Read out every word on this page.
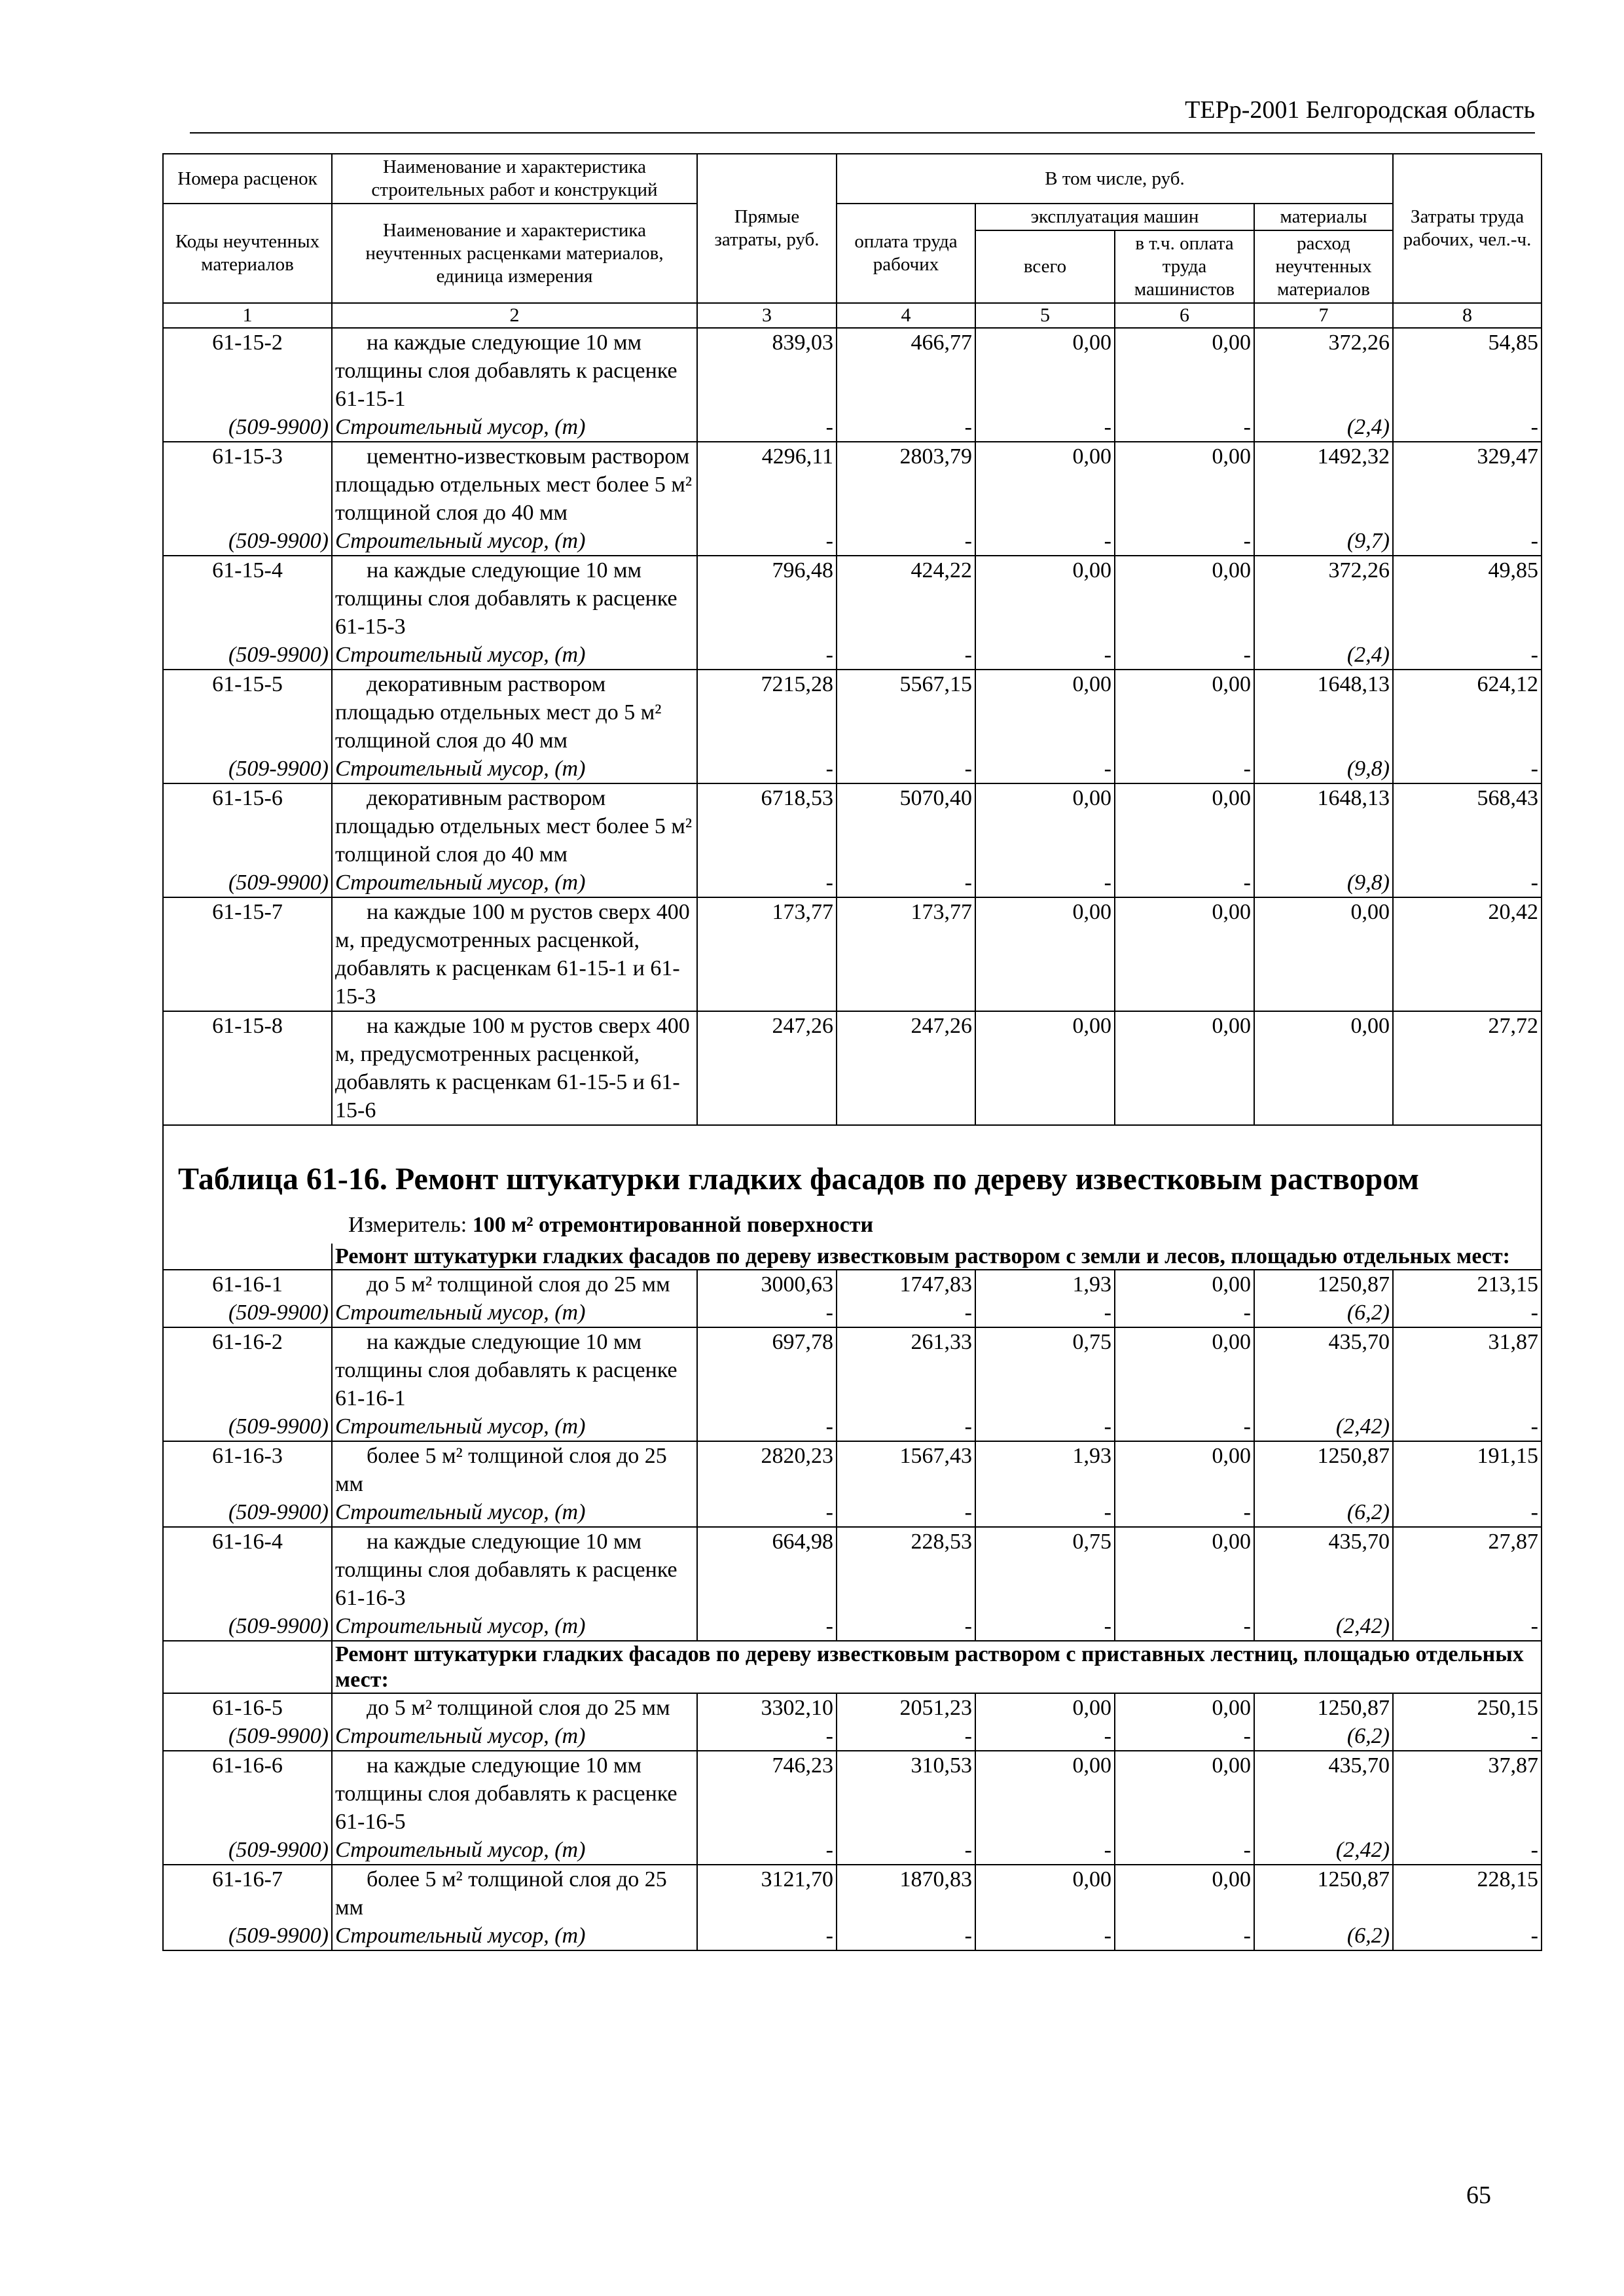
ТЕРр-2001 Белгородская область
Номера расценок	Наименование и характеристика строительных работ и конструкций	Прямые затраты, руб.	В том числе, руб.				Затраты труда рабочих, чел.-ч.
Коды неучтенных материалов	Наименование и характеристика неучтенных расценками материалов, единица измерения		оплата труда рабочих	эксплуатация машин		материалы	
				всего	в т.ч. оплата труда машинистов	расход неучтенных материалов	
1	2	3	4	5	6	7	8
61-15-2	на каждые следующие 10 мм толщины слоя добавлять к расценке 61-15-1	839,03	466,77	0,00	0,00	372,26	54,85
(509-9900)	Строительный мусор, (т)	-	-	-	-	(2,4)	-
61-15-3	цементно-известковым раствором площадью отдельных мест более 5 м² толщиной слоя до 40 мм	4296,11	2803,79	0,00	0,00	1492,32	329,47
(509-9900)	Строительный мусор, (т)	-	-	-	-	(9,7)	-
61-15-4	на каждые следующие 10 мм толщины слоя добавлять к расценке 61-15-3	796,48	424,22	0,00	0,00	372,26	49,85
(509-9900)	Строительный мусор, (т)	-	-	-	-	(2,4)	-
61-15-5	декоративным раствором площадью отдельных мест до 5 м² толщиной слоя до 40 мм	7215,28	5567,15	0,00	0,00	1648,13	624,12
(509-9900)	Строительный мусор, (т)	-	-	-	-	(9,8)	-
61-15-6	декоративным раствором площадью отдельных мест более 5 м² толщиной слоя до 40 мм	6718,53	5070,40	0,00	0,00	1648,13	568,43
(509-9900)	Строительный мусор, (т)	-	-	-	-	(9,8)	-
61-15-7	на каждые 100 м рустов сверх 400 м, предусмотренных расценкой, добавлять к расценкам 61-15-1 и 61-15-3	173,77	173,77	0,00	0,00	0,00	20,42
61-15-8	на каждые 100 м рустов сверх 400 м, предусмотренных расценкой, добавлять к расценкам 61-15-5 и 61-15-6	247,26	247,26	0,00	0,00	0,00	27,72

Таблица 61-16. Ремонт штукатурки гладких фасадов по дереву известковым раствором
Измеритель: 100 м² отремонтированной поверхности							

	Ремонт штукатурки гладких фасадов по дереву известковым раствором с земли и лесов, площадью отдельных мест:						

61-16-1	до 5 м² толщиной слоя до 25 мм	3000,63	1747,83	1,93	0,00	1250,87	213,15
(509-9900)	Строительный мусор, (т)	-	-	-	-	(6,2)	-
61-16-2	на каждые следующие 10 мм толщины слоя добавлять к расценке 61-16-1	697,78	261,33	0,75	0,00	435,70	31,87
(509-9900)	Строительный мусор, (т)	-	-	-	-	(2,42)	-
61-16-3	более 5 м² толщиной слоя до 25 мм	2820,23	1567,43	1,93	0,00	1250,87	191,15
(509-9900)	Строительный мусор, (т)	-	-	-	-	(6,2)	-
61-16-4	на каждые следующие 10 мм толщины слоя добавлять к расценке 61-16-3	664,98	228,53	0,75	0,00	435,70	27,87
(509-9900)	Строительный мусор, (т)	-	-	-	-	(2,42)	-

	Ремонт штукатурки гладких фасадов по дереву известковым раствором с приставных лестниц, площадью отдельных мест:						

61-16-5	до 5 м² толщиной слоя до 25 мм	3302,10	2051,23	0,00	0,00	1250,87	250,15
(509-9900)	Строительный мусор, (т)	-	-	-	-	(6,2)	-
61-16-6	на каждые следующие 10 мм толщины слоя добавлять к расценке 61-16-5	746,23	310,53	0,00	0,00	435,70	37,87
(509-9900)	Строительный мусор, (т)	-	-	-	-	(2,42)	-
61-16-7	более 5 м² толщиной слоя до 25 мм	3121,70	1870,83	0,00	0,00	1250,87	228,15
(509-9900)	Строительный мусор, (т)	-	-	-	-	(6,2)	-
65
